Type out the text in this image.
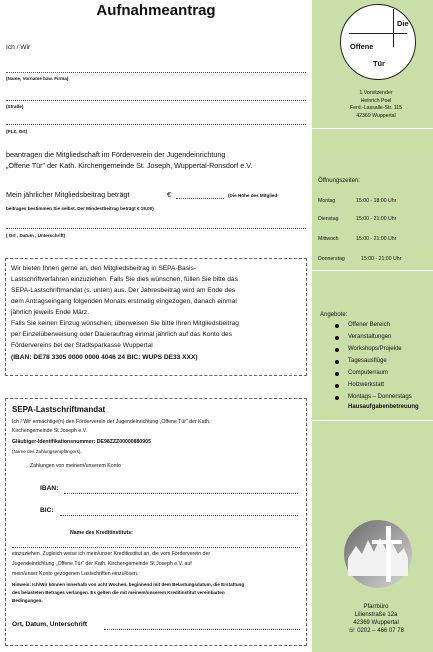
Aufnahmeantrag
Ich / Wir
(Name, Vorname bzw. Firma)
(Straße)
(PLZ, Ort)
beantragen die Mitgliedschaft im Förderverein der Jugendeinrichtung
„Offene Tür" der Kath. Kirchengemeinde St. Joseph, Wuppertal-Ronsdorf e.V.
Mein jährlicher Mitgliedsbeitrag beträgt	€	(Die Höhe des Mitglied-
beitrages bestimmen Sie selbst. Der Mindestbeitrag beträgt € 15,00)
( Ort , Datum , Unterschrift)

Wir bieten Ihnen gerne an, den Mitgliedsbeitrag in SEPA-Basis-

Lastschriftverfahren einzuziehen. Falls Sie dies wünschen, füllen Sie bitte das

SEPA-Lastschriftmandat (s. unten) aus. Der Jahresbeitrag wird am Ende des

dem Antragseingang folgenden Monats erstmalig eingezogen, danach einmal

jährlich jeweils Ende März.

Falls Sie keinen Einzug wünschen, überweisen Sie bitte Ihren Mitgliedsbeitrag

per Einzelüberweisung oder Dauerauftrag einmal jährlich auf das Konto des

Fördervereins bei der Stadtsparkasse Wuppertal

(IBAN: DE78 3305 0000 0000 4046 24 BIC: WUPS DE33 XXX)

SEPA-Lastschriftmandat

Ich / Wir ermächtige(n) den Förderverein der Jugendeinrichtung „Offene Tür" der Kath.

Kirchengemeinde St Joseph e.V.

Gläubiger-Identifikationsnummer: DE98ZZZ00000880905

(Name des Zahlungsempfängers),

Zahlungen von meinem/unserem Konto

IBAN:

BIC:

Name des Kreditinstituts:

einzuziehen. Zugleich weise ich mein/unser Kreditinstitut an, die vom Förderverein der

Jugendeinrichtung „Offene Tür" der Kath. Kirchengemeinde St Joseph e.V. auf

mein/unser Konto gezogenen Lastschriften einzulösen.

Hinweis: Ich/Wir können innerhalb von acht Wochen, beginnend mit dem Belastungsdatum, die Erstattung

des belasteten Betrages verlangen. Es gelten die mit meinem/unserem Kreditinstitut vereinbarten

Bedingungen.

Ort, Datum, Unterschrift

Die
Offene
Tür
1.Vorsitzender
Heinrich Poel
Ferd.-Lassalle-Str. 115
42369 Wuppertal
Öffnungszeiten:
Montag	15:00 - 18:00 Uhr
Dienstag	15:00 - 21:00 Uhr
Mittwoch	15:00 - 21:00 Uhr
Donnerstag	15:00 - 21:00 Uhr
Angebote:
Offener Bereich
Veranstaltungen
Workshops/Projekte
Tagesausflüge
Computerraum
Holzwerkstatt
Montags – Donnerstags
Hausaufgabenbetreuung
Pfarrbüro
Lilienstraße 12a
42369 Wuppertal
☏ 0202 – 466 07 78
